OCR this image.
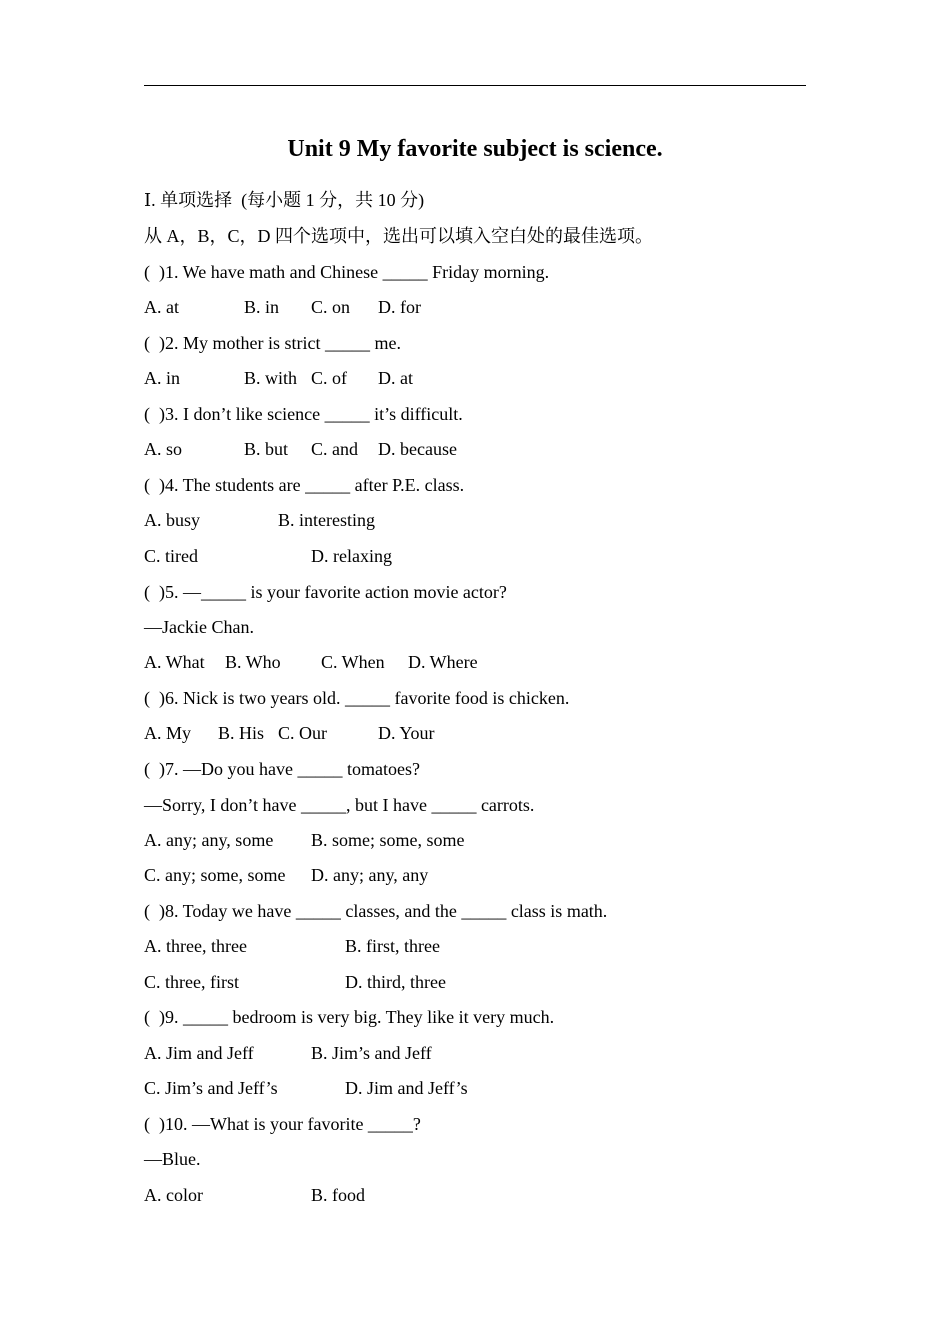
Unit 9 My favorite subject is science.
Ⅰ. 单项选择  (每小题 1 分，共 10 分)
从 A，B，C，D 四个选项中，选出可以填入空白处的最佳选项。
(  )1. We have math and Chinese _____ Friday morning.
A. at	B. in C. on D. for
(  )2. My mother is strict _____ me.
A. in	B. with C. of D. at
(  )3. I don’t like science _____ it’s difficult.
A. so	B. but C. and D. because
(  )4. The students are _____ after P.E. class.
A. busy	B. interesting
C. tired	D. relaxing
(  )5. —_____ is your favorite action movie actor?
—Jackie Chan.
A. What B. Who C. When D. Where
(  )6. Nick is two years old. _____ favorite food is chicken.
A. My B. His C. Our	D. Your
(  )7. —Do you have _____ tomatoes?
—Sorry, I don’t have _____, but I have _____ carrots.
A. any; any, some B. some; some, some
C. any; some, some D. any; any, any
(  )8. Today we have _____ classes, and the _____ class is math.
A. three, three	B. first, three
C. three, first	D. third, three
(  )9. _____ bedroom is very big. They like it very much.
A. Jim and Jeff	B. Jim’s and Jeff
C. Jim’s and Jeff’s	D. Jim and Jeff’s
(  )10. —What is your favorite _____?
—Blue.
A. color	B. food
